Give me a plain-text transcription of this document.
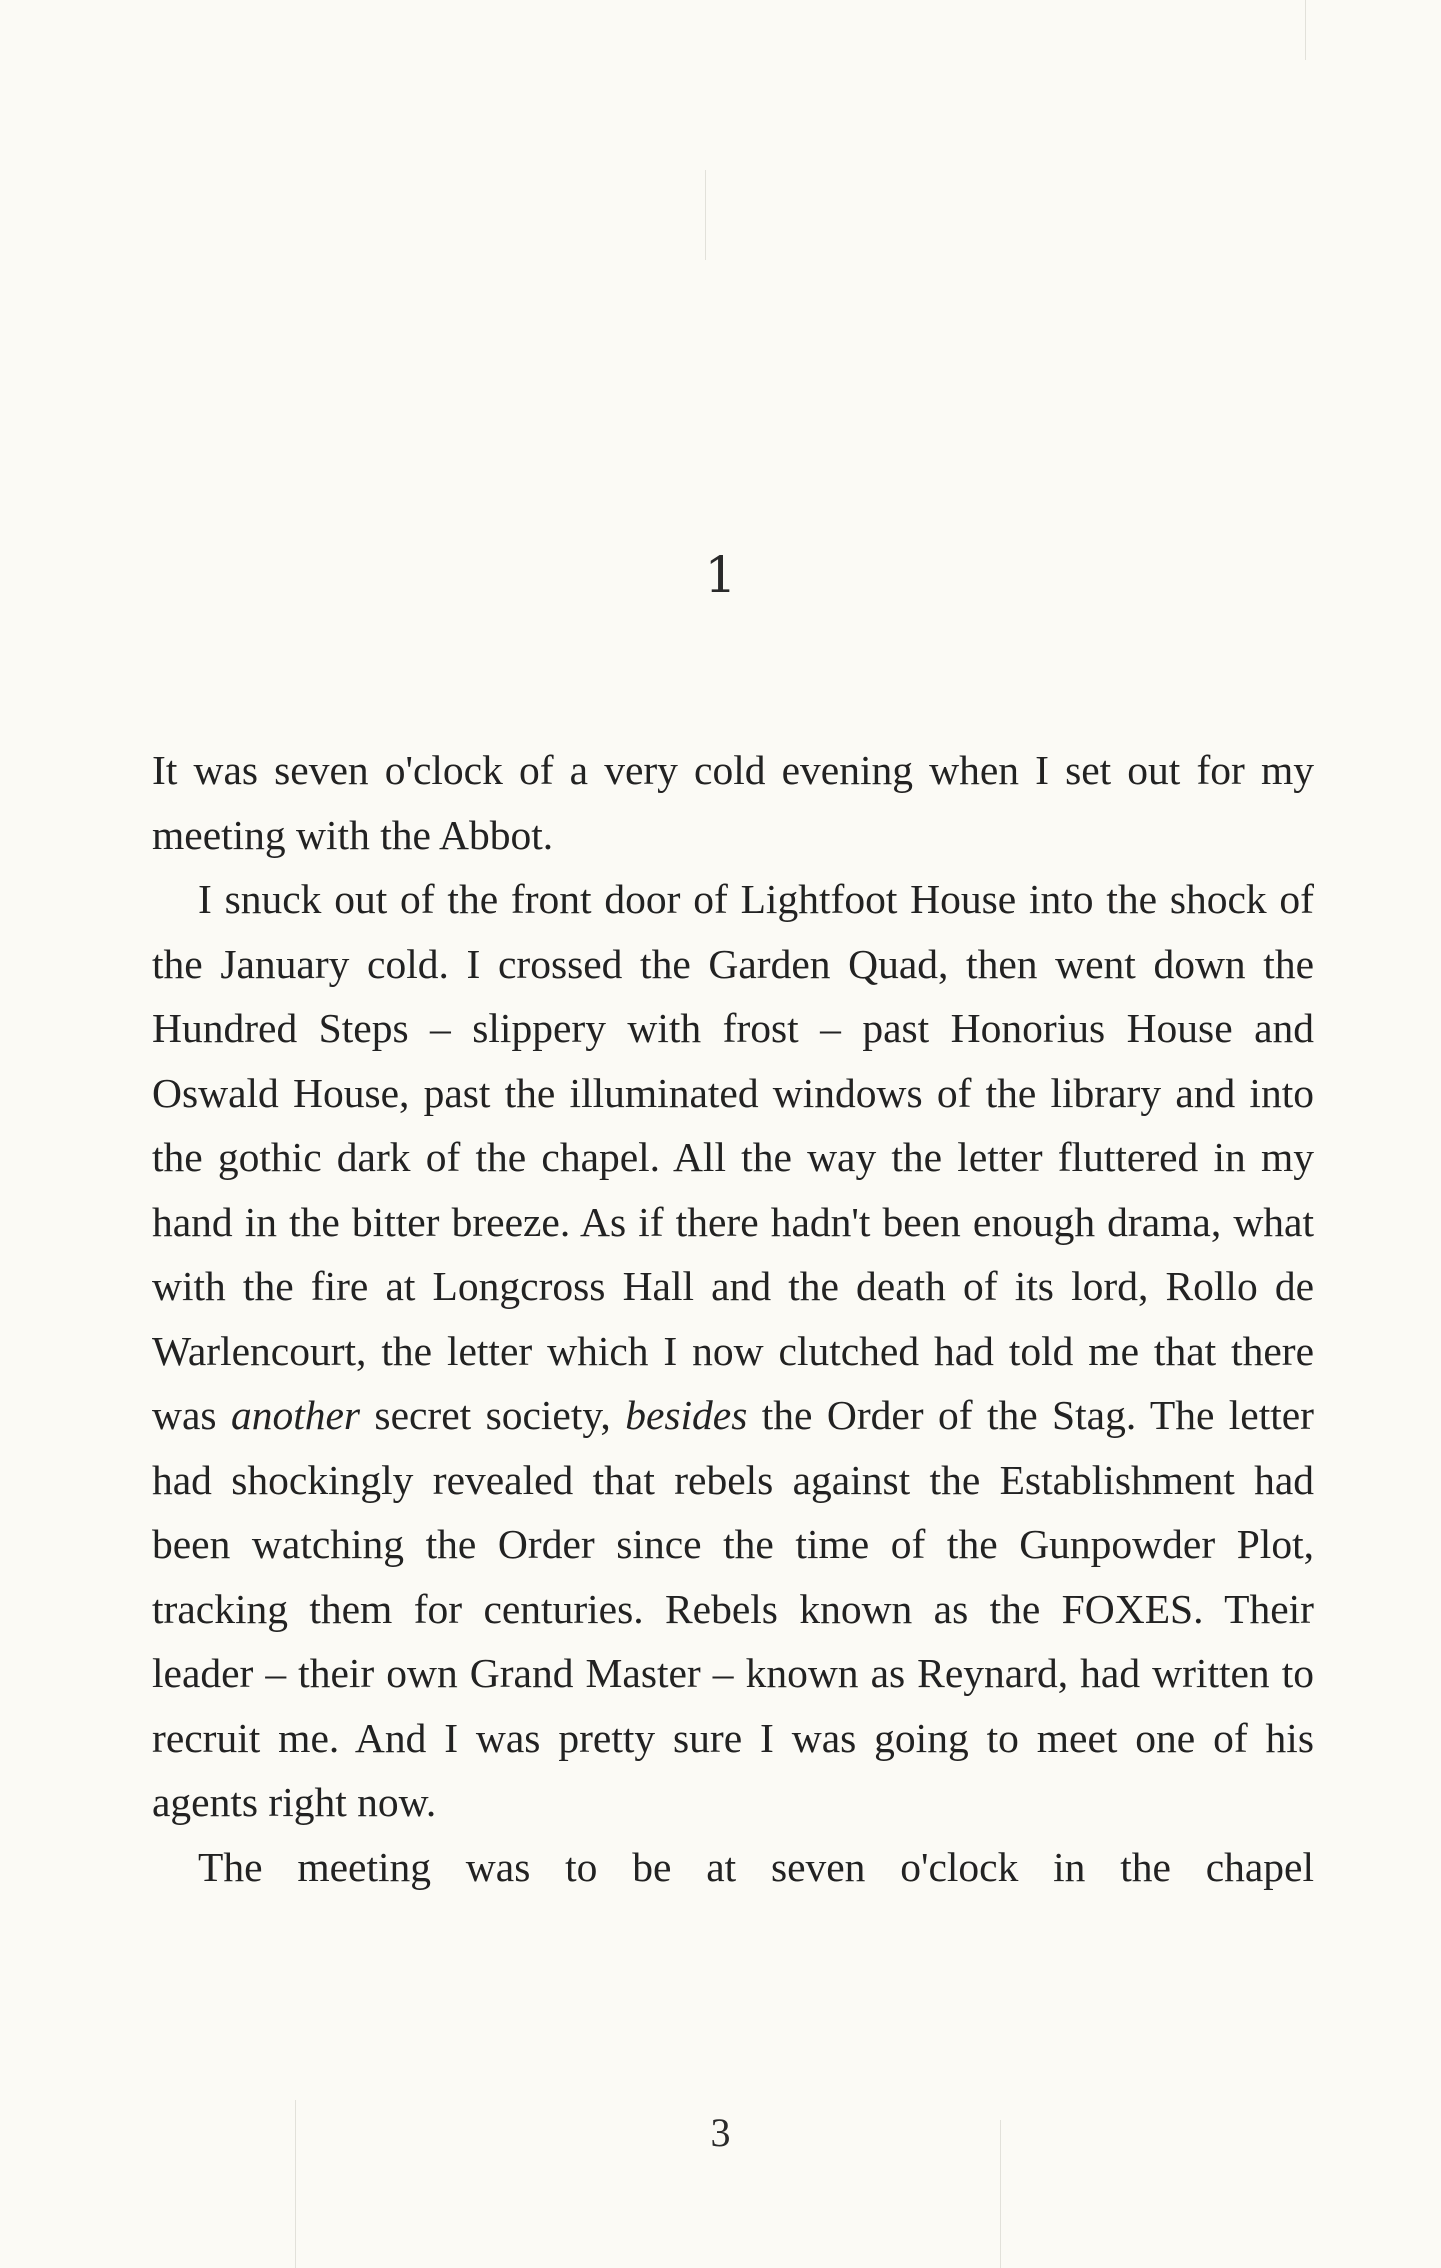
1

It was seven o'clock of a very cold evening when I set out for my meeting with the Abbot.

I snuck out of the front door of Lightfoot House into the shock of the January cold. I crossed the Garden Quad, then went down the Hundred Steps – slippery with frost – past Honorius House and Oswald House, past the illuminated windows of the library and into the gothic dark of the chapel. All the way the letter fluttered in my hand in the bitter breeze. As if there hadn't been enough drama, what with the fire at Longcross Hall and the death of its lord, Rollo de Warlencourt, the letter which I now clutched had told me that there was another secret society, besides the Order of the Stag. The letter had shockingly revealed that rebels against the Establishment had been watching the Order since the time of the Gunpowder Plot, tracking them for centuries. Rebels known as the FOXES. Their leader – their own Grand Master – known as Reynard, had written to recruit me. And I was pretty sure I was going to meet one of his agents right now.

The meeting was to be at seven o'clock in the chapel

3
